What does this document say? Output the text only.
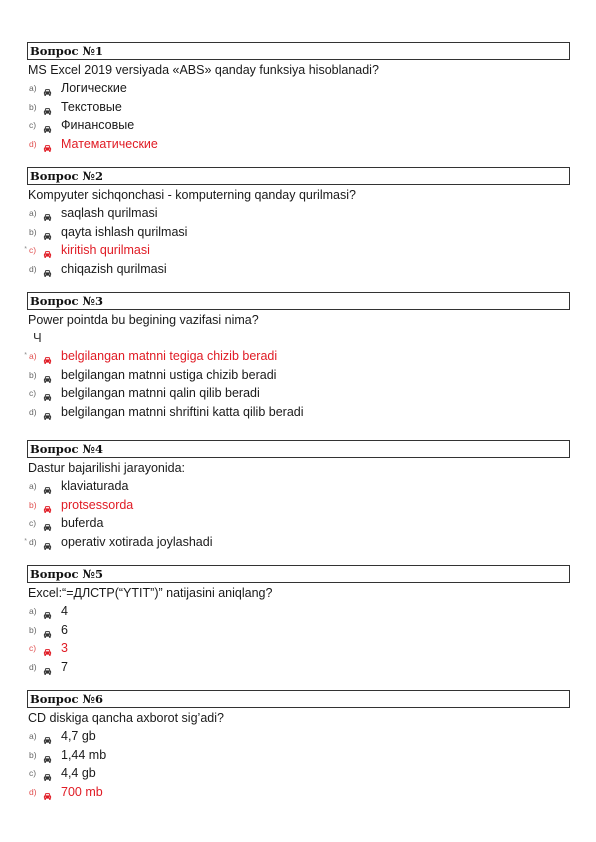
Вопрос №1
MS Excel 2019 versiyada «ABS» qanday funksiya hisoblanadi?
a) Логические
b) Текстовые
c) Финансовые
d) Математические
Вопрос №2
Kompyuter sichqonchasi - komputerning qanday qurilmasi?
a) saqlash qurilmasi
b) qayta ishlash qurilmasi
* c) kiritish qurilmasi
d) chiqazish qurilmasi
Вопрос №3
Power pointda bu begining vazifasi nima?
Ч
* a) belgilangan matnni tegiga chizib beradi
b) belgilangan matnni ustiga chizib beradi
c) belgilangan matnni qalin qilib beradi
d) belgilangan matnni shriftini katta qilib beradi
Вопрос №4
Dastur bajarilishi jarayonida:
a) klaviaturada
b) protsessorda
c) buferda
* d) operativ xotirada joylashadi
Вопрос №5
Excel:“=ДЛСТР(“YTIT”)” natijasini aniqlang?
a) 4
b) 6
c) 3
d) 7
Вопрос №6
CD diskiga qancha axborot sig’adi?
a) 4,7 gb
b) 1,44 mb
c) 4,4 gb
d) 700 mb
